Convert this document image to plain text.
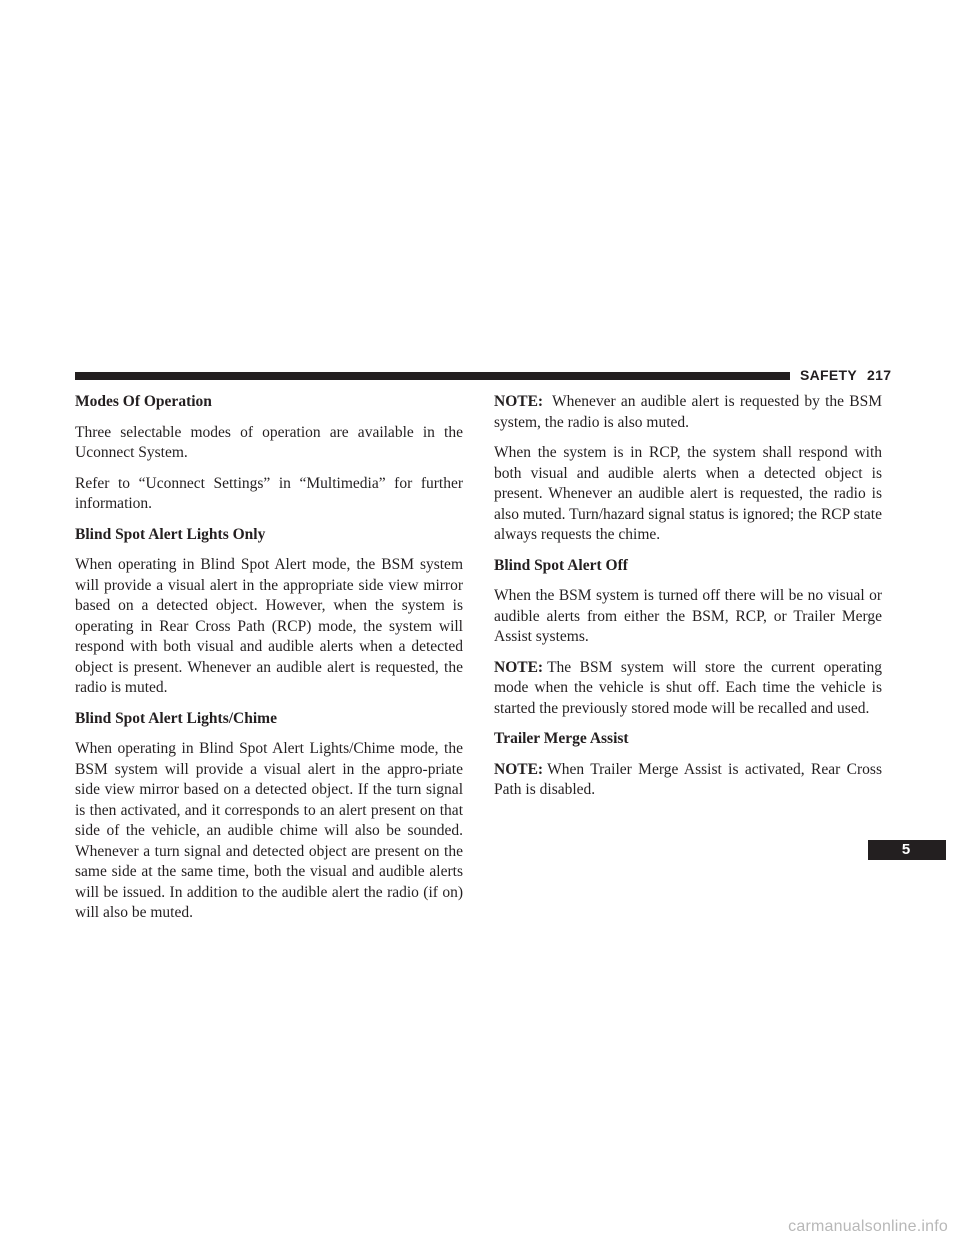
SAFETY 217
5
Modes Of Operation

Three selectable modes of operation are available in the Uconnect System.

Refer to “Uconnect Settings” in “Multimedia” for further information.

Blind Spot Alert Lights Only

When operating in Blind Spot Alert mode, the BSM system will provide a visual alert in the appropriate side view mirror based on a detected object. However, when the system is operating in Rear Cross Path (RCP) mode, the system will respond with both visual and audible alerts when a detected object is present. Whenever an audible alert is requested, the radio is muted.

Blind Spot Alert Lights/Chime

When operating in Blind Spot Alert Lights/Chime mode, the BSM system will provide a visual alert in the appro-priate side view mirror based on a detected object. If the turn signal is then activated, and it corresponds to an alert present on that side of the vehicle, an audible chime will also be sounded. Whenever a turn signal and detected object are present on the same side at the same time, both the visual and audible alerts will be issued. In addition to the audible alert the radio (if on) will also be muted.

NOTE: Whenever an audible alert is requested by the BSM system, the radio is also muted.

When the system is in RCP, the system shall respond with both visual and audible alerts when a detected object is present. Whenever an audible alert is requested, the radio is also muted. Turn/hazard signal status is ignored; the RCP state always requests the chime.

Blind Spot Alert Off

When the BSM system is turned off there will be no visual or audible alerts from either the BSM, RCP, or Trailer Merge Assist systems.

NOTE: The BSM system will store the current operating mode when the vehicle is shut off. Each time the vehicle is started the previously stored mode will be recalled and used.

Trailer Merge Assist

NOTE: When Trailer Merge Assist is activated, Rear Cross Path is disabled.

carmanualsonline.info
